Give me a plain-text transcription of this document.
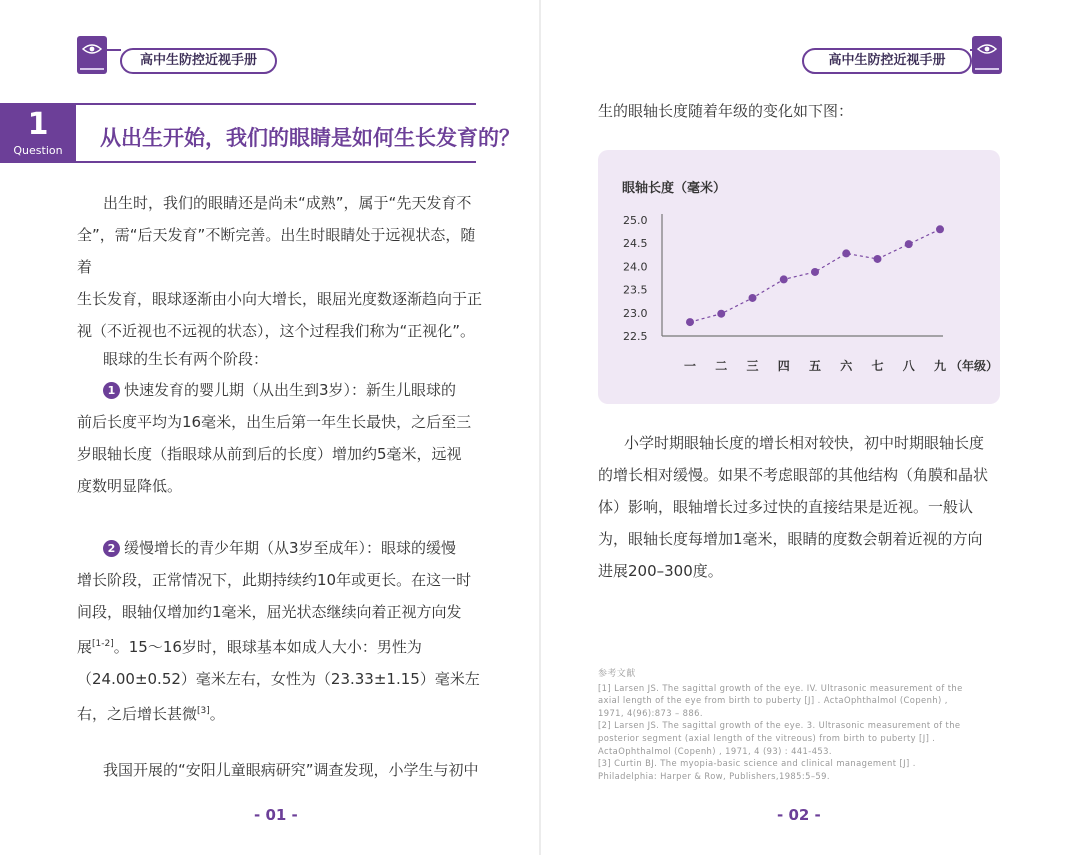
高中生防控近视手册
1
Question
从出生开始，我们的眼睛是如何生长发育的？
出生时，我们的眼睛还是尚未“成熟”，属于“先天发育不
全”，需“后天发育”不断完善。出生时眼睛处于远视状态，随着
生长发育，眼球逐渐由小向大增长，眼屈光度数逐渐趋向于正
视（不近视也不远视的状态），这个过程我们称为“正视化”。
眼球的生长有两个阶段：
1 快速发育的婴儿期（从出生到3岁）：新生儿眼球的
前后长度平均为16毫米，出生后第一年生长最快，之后至三
岁眼轴长度（指眼球从前到后的长度）增加约5毫米，远视
度数明显降低。
2 缓慢增长的青少年期（从3岁至成年）：眼球的缓慢
增长阶段，正常情况下，此期持续约10年或更长。在这一时
间段，眼轴仅增加约1毫米，屈光状态继续向着正视方向发
展[1-2]。15～16岁时，眼球基本如成人大小：男性为
（24.00±0.52）毫米左右，女性为（23.33±1.15）毫米左
右，之后增长甚微[3]。
我国开展的“安阳儿童眼病研究”调查发现，小学生与初中
- 01 -
高中生防控近视手册
生的眼轴长度随着年级的变化如下图：
眼轴长度（毫米）
25.0
24.5
24.0
23.5
23.0
22.5
一 二 三 四 五 六 七 八 九 （年级）
小学时期眼轴长度的增长相对较快，初中时期眼轴长度
的增长相对缓慢。如果不考虑眼部的其他结构（角膜和晶状
体）影响，眼轴增长过多过快的直接结果是近视。一般认
为，眼轴长度每增加1毫米，眼睛的度数会朝着近视的方向
进展200–300度。
参考文献
[1] Larsen JS. The sagittal growth of the eye. IV. Ultrasonic measurement of the
axial length of the eye from birth to puberty [J] . ActaOphthalmol (Copenh) ,
1971, 4(96):873 – 886.
[2] Larsen JS. The sagittal growth of the eye. 3. Ultrasonic measurement of the
posterior segment (axial length of the vitreous) from birth to puberty [J] .
ActaOphthalmol (Copenh) , 1971, 4 (93) : 441-453.
[3] Curtin BJ. The myopia-basic science and clinical management [J] .
Philadelphia: Harper & Row, Publishers,1985:5–59.
- 02 -
